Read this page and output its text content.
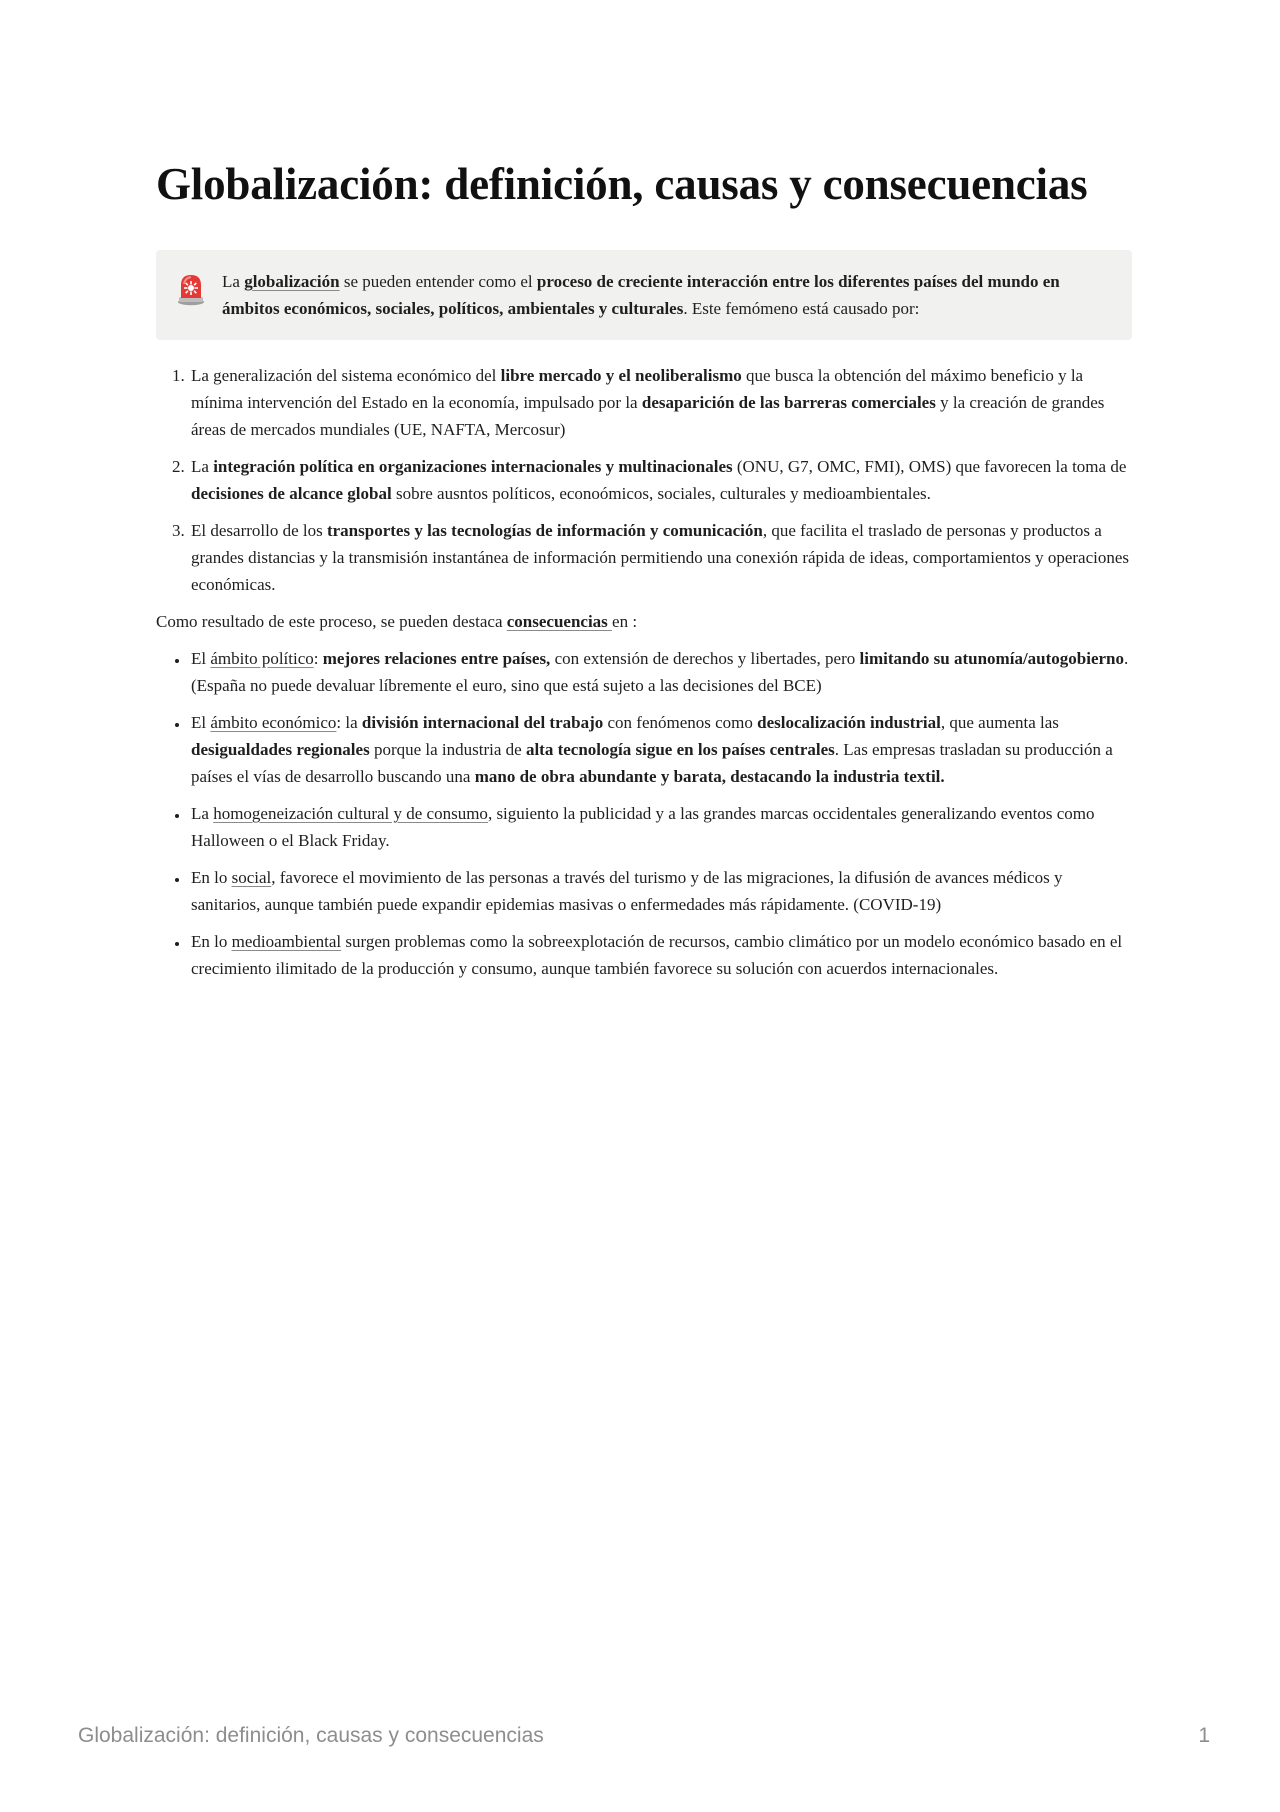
Globalización: definición, causas y consecuencias
La globalización se pueden entender como el proceso de creciente interacción entre los diferentes países del mundo en ámbitos económicos, sociales, políticos, ambientales y culturales. Este femómeno está causado por:
1. La generalización del sistema económico del libre mercado y el neoliberalismo que busca la obtención del máximo beneficio y la mínima intervención del Estado en la economía, impulsado por la desaparición de las barreras comerciales y la creación de grandes áreas de mercados mundiales (UE, NAFTA, Mercosur)
2. La integración política en organizaciones internacionales y multinacionales (ONU, G7, OMC, FMI), OMS) que favorecen la toma de decisiones de alcance global sobre ausntos políticos, econoómicos, sociales, culturales y medioambientales.
3. El desarrollo de los transportes y las tecnologías de información y comunicación, que facilita el traslado de personas y productos a grandes distancias y la transmisión instantánea de información permitiendo una conexión rápida de ideas, comportamientos y operaciones económicas.

Como resultado de este proceso, se pueden destaca consecuencias en :

• El ámbito político: mejores relaciones entre países, con extensión de derechos y libertades, pero limitando su atunomía/autogobierno. (España no puede devaluar líbremente el euro, sino que está sujeto a las decisiones del BCE)
• El ámbito económico: la división internacional del trabajo con fenómenos como deslocalización industrial, que aumenta las desigualdades regionales porque la industria de alta tecnología sigue en los países centrales. Las empresas trasladan su producción a países el vías de desarrollo buscando una mano de obra abundante y barata, destacando la industria textil.
• La homogeneización cultural y de consumo, siguiento la publicidad y a las grandes marcas occidentales generalizando eventos como Halloween o el Black Friday.
• En lo social, favorece el movimiento de las personas a través del turismo y de las migraciones, la difusión de avances médicos y sanitarios, aunque también puede expandir epidemias masivas o enfermedades más rápidamente. (COVID-19)
• En lo medioambiental surgen problemas como la sobreexplotación de recursos, cambio climático por un modelo económico basado en el crecimiento ilimitado de la producción y consumo, aunque también favorece su solución con acuerdos internacionales.
Globalización: definición, causas y consecuencias	1
